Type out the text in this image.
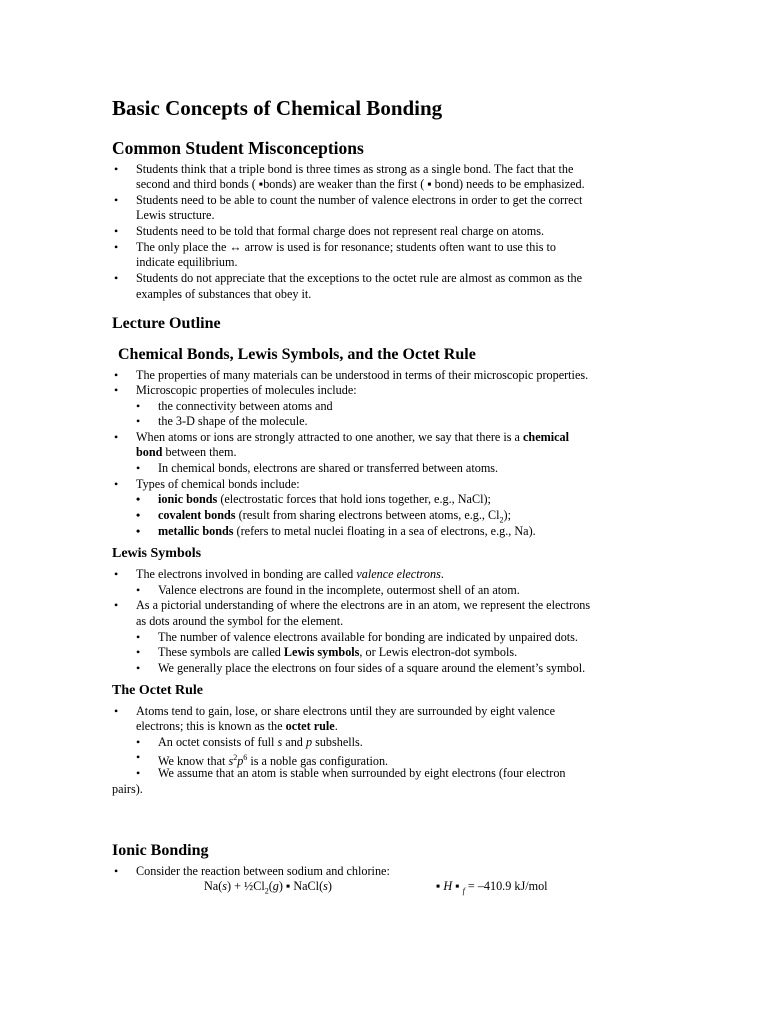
Basic Concepts of Chemical Bonding
Common Student Misconceptions
• Students think that a triple bond is three times as strong as a single bond. The fact that the
second and third bonds ( ▪bonds) are weaker than the first ( ▪ bond) needs to be emphasized.
• Students need to be able to count the number of valence electrons in order to get the correct
Lewis structure.
• Students need to be told that formal charge does not represent real charge on atoms.
• The only place the ↔ arrow is used is for resonance; students often want to use this to
indicate equilibrium.
• Students do not appreciate that the exceptions to the octet rule are almost as common as the
examples of substances that obey it.
Lecture Outline
Chemical Bonds, Lewis Symbols, and the Octet Rule
• The properties of many materials can be understood in terms of their microscopic properties.
• Microscopic properties of molecules include:
• the connectivity between atoms and
• the 3-D shape of the molecule.
• When atoms or ions are strongly attracted to one another, we say that there is a chemical
bond between them.
• In chemical bonds, electrons are shared or transferred between atoms.
• Types of chemical bonds include:
• ionic bonds (electrostatic forces that hold ions together, e.g., NaCl);
• covalent bonds (result from sharing electrons between atoms, e.g., $Cl_2$);
• metallic bonds (refers to metal nuclei floating in a sea of electrons, e.g., Na).
Lewis Symbols
• The electrons involved in bonding are called valence electrons.
• Valence electrons are found in the incomplete, outermost shell of an atom.
• As a pictorial understanding of where the electrons are in an atom, we represent the electrons
as dots around the symbol for the element.
• The number of valence electrons available for bonding are indicated by unpaired dots.
• These symbols are called Lewis symbols, or Lewis electron-dot symbols.
• We generally place the electrons on four sides of a square around the element’s symbol.
The Octet Rule
• Atoms tend to gain, lose, or share electrons until they are surrounded by eight valence
electrons; this is known as the octet rule.
• An octet consists of full s and p subshells.
• We know that $s^2p^6$ is a noble gas configuration.
• We assume that an atom is stable when surrounded by eight electrons (four electron
pairs).
Ionic Bonding
• Consider the reaction between sodium and chlorine:
$Na(s) + \frac{1}{2}Cl_2(g)$ ▪ NaCl(s)	▪ H ▪ $_f$ = –410.9 kJ/mol
